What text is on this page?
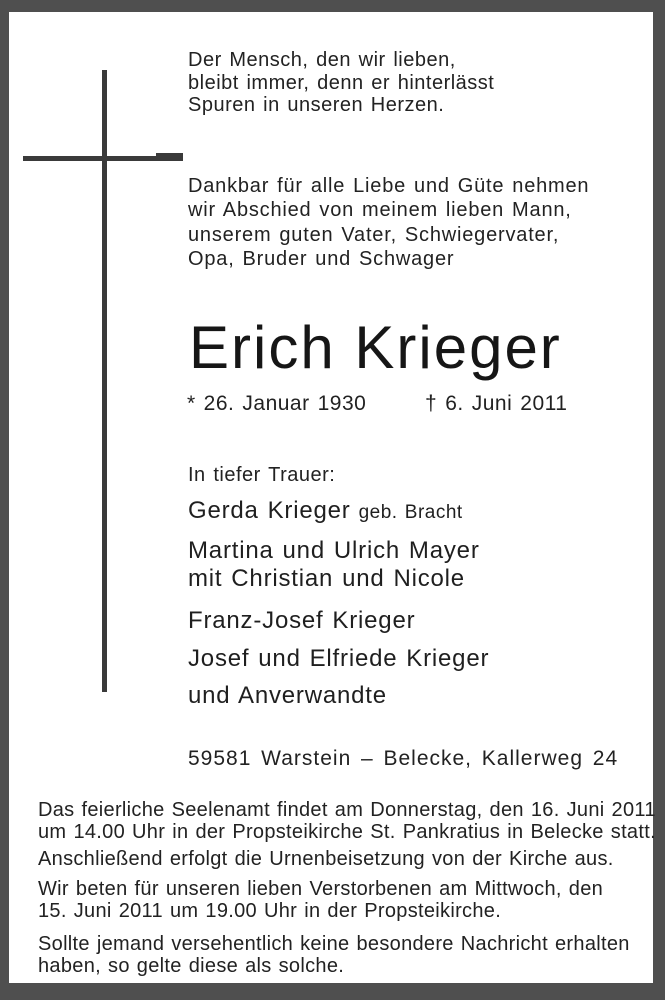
Der Mensch, den wir lieben,
bleibt immer, denn er hinterlässt
Spuren in unseren Herzen.
Dankbar für alle Liebe und Güte nehmen
wir Abschied von meinem lieben Mann,
unserem guten Vater, Schwiegervater,
Opa, Bruder und Schwager
Erich Krieger
* 26. Januar 1930	† 6. Juni 2011
In tiefer Trauer:
Gerda Krieger geb. Bracht
Martina und Ulrich Mayer
mit Christian und Nicole
Franz-Josef Krieger
Josef und Elfriede Krieger
und Anverwandte
59581 Warstein – Belecke, Kallerweg 24
Das feierliche Seelenamt findet am Donnerstag, den 16. Juni 2011
um 14.00 Uhr in der Propsteikirche St. Pankratius in Belecke statt.
Anschließend erfolgt die Urnenbeisetzung von der Kirche aus.
Wir beten für unseren lieben Verstorbenen am Mittwoch, den
15. Juni 2011 um 19.00 Uhr in der Propsteikirche.
Sollte jemand versehentlich keine besondere Nachricht erhalten
haben, so gelte diese als solche.
